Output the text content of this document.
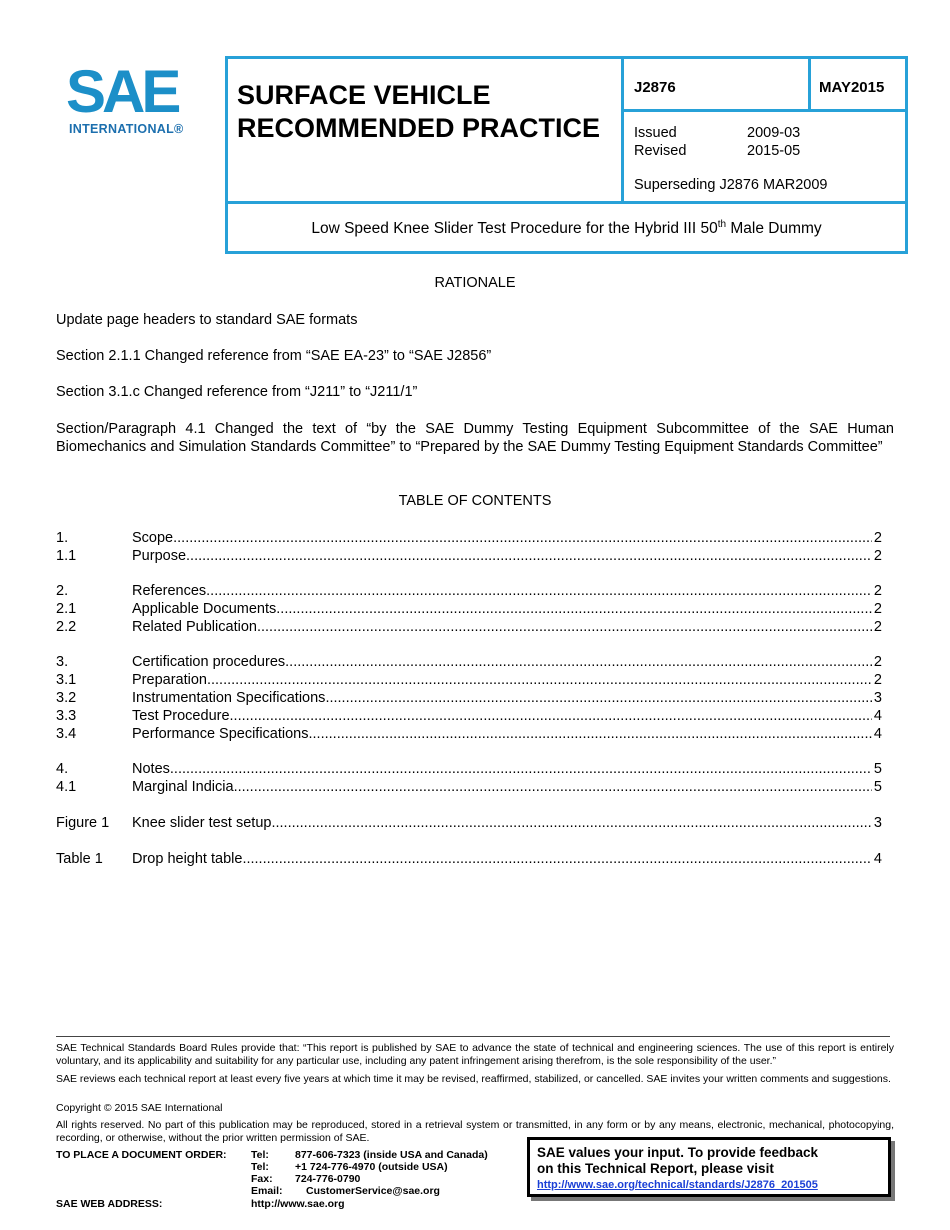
SAE
INTERNATIONAL®
SURFACE VEHICLE
RECOMMENDED PRACTICE
J2876	MAY2015
Issued	2009-03
Revised	2015-05
Superseding J2876 MAR2009
Low Speed Knee Slider Test Procedure for the Hybrid III 50th Male Dummy
RATIONALE
Update page headers to standard SAE formats
Section 2.1.1 Changed reference from “SAE EA-23” to “SAE J2856”
Section 3.1.c Changed reference from “J211” to “J211/1”
Section/Paragraph 4.1 Changed the text of “by the SAE Dummy Testing Equipment Subcommittee of the SAE Human Biomechanics and Simulation Standards Committee” to “Prepared by the SAE Dummy Testing Equipment Standards Committee”
TABLE OF CONTENTS
1.	Scope .....	2
1.1	Purpose .....	2
2.	References .....	2
2.1	Applicable Documents .....	2
2.2	Related Publication .....	2
3.	Certification procedures .....	2
3.1	Preparation .....	2
3.2	Instrumentation Specifications .....	3
3.3	Test Procedure .....	4
3.4	Performance Specifications .....	4
4.	Notes .....	5
4.1	Marginal Indicia .....	5
Figure 1	Knee slider test setup .....	3
Table 1	Drop height table .....	4
SAE Technical Standards Board Rules provide that: “This report is published by SAE to advance the state of technical and engineering sciences. The use of this report is entirely voluntary, and its applicability and suitability for any particular use, including any patent infringement arising therefrom, is the sole responsibility of the user.”
SAE reviews each technical report at least every five years at which time it may be revised, reaffirmed, stabilized, or cancelled. SAE invites your written comments and suggestions.
Copyright © 2015 SAE International
All rights reserved. No part of this publication may be reproduced, stored in a retrieval system or transmitted, in any form or by any means, electronic, mechanical, photocopying, recording, or otherwise, without the prior written permission of SAE.
TO PLACE A DOCUMENT ORDER:	Tel:	877-606-7323 (inside USA and Canada)
Tel:	+1 724-776-4970 (outside USA)
Fax:	724-776-0790
Email:	CustomerService@sae.org
SAE WEB ADDRESS:	http://www.sae.org
SAE values your input. To provide feedback
on this Technical Report, please visit
http://www.sae.org/technical/standards/J2876_201505
